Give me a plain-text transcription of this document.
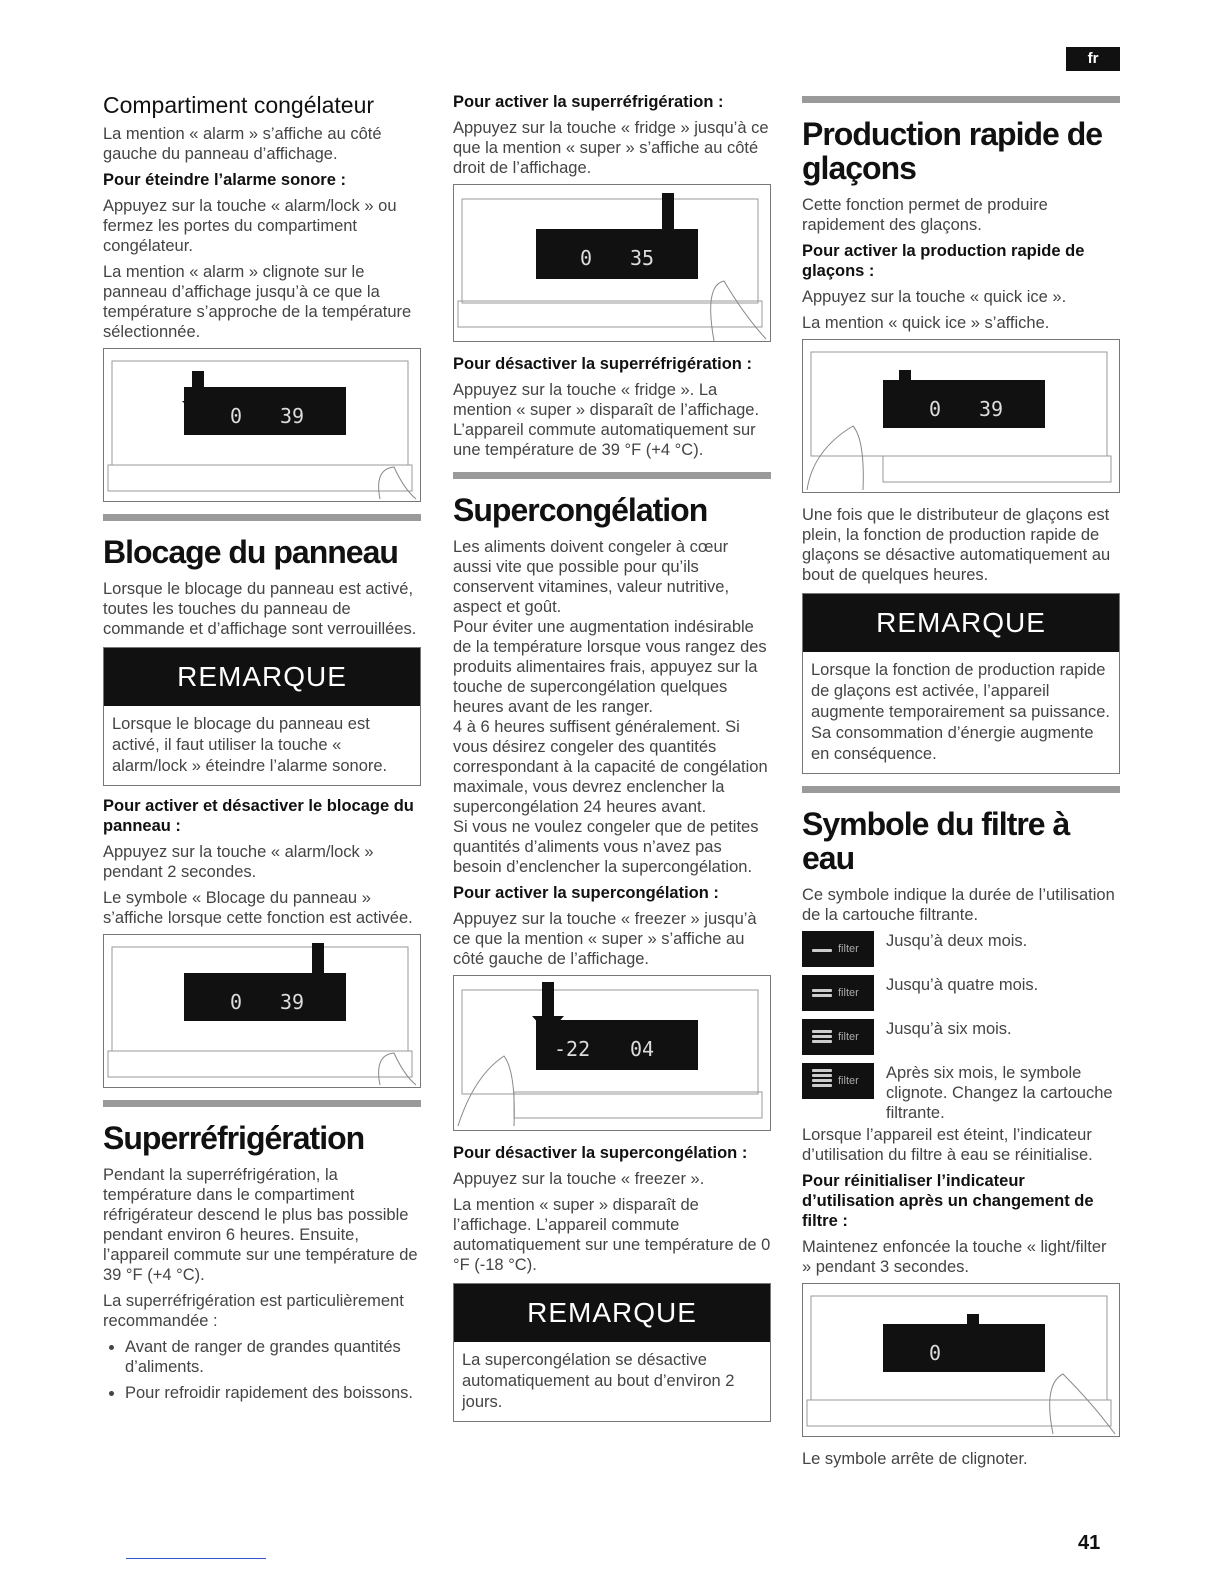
fr
Compartiment congélateur
La mention « alarm » s’affiche au côté gauche du panneau d’affichage.
Pour éteindre l’alarme sonore :
Appuyez sur la touche « alarm/lock » ou fermez les portes du compartiment congélateur.
La mention « alarm » clignote sur le panneau d’affichage jusqu’à ce que la température s’approche de la température sélectionnée.
0 39
Blocage du panneau
Lorsque le blocage du panneau est activé, toutes les touches du panneau de commande et d’affichage sont verrouillées.
REMARQUE
Lorsque le blocage du panneau est activé, il faut utiliser la touche « alarm/lock » éteindre l’alarme sonore.
Pour activer et désactiver le blocage du panneau :
Appuyez sur la touche « alarm/lock » pendant 2 secondes.
Le symbole « Blocage du panneau » s’affiche lorsque cette fonction est activée.
0 39
Superréfrigération
Pendant la superréfrigération, la température dans le compartiment réfrigérateur descend le plus bas possible pendant environ 6 heures. Ensuite, l’appareil commute sur une température de 39 °F (+4 °C).
La superréfrigération est particulièrement recommandée :
• Avant de ranger de grandes quantités d’aliments.
• Pour refroidir rapidement des boissons.
Pour activer la superréfrigération :
Appuyez sur la touche « fridge » jusqu’à ce que la mention « super » s’affiche au côté droit de l’affichage.
0 35
Pour désactiver la superréfrigération :
Appuyez sur la touche « fridge ». La mention « super » disparaît de l’affichage. L’appareil commute automatiquement sur une température de 39 °F (+4 °C).
Supercongélation
Les aliments doivent congeler à cœur aussi vite que possible pour qu’ils conservent vitamines, valeur nutritive, aspect et goût.
Pour éviter une augmentation indésirable de la température lorsque vous rangez des produits alimentaires frais, appuyez sur la touche de supercongélation quelques heures avant de les ranger.
4 à 6 heures suffisent généralement. Si vous désirez congeler des quantités correspondant à la capacité de congélation maximale, vous devrez enclencher la supercongélation 24 heures avant.
Si vous ne voulez congeler que de petites quantités d’aliments vous n’avez pas besoin d’enclencher la supercongélation.
Pour activer la supercongélation :
Appuyez sur la touche « freezer » jusqu’à ce que la mention « super » s’affiche au côté gauche de l’affichage.
-22 04
Pour désactiver la supercongélation :
Appuyez sur la touche « freezer ».
La mention « super » disparaît de l’affichage. L’appareil commute automatiquement sur une température de 0 °F (-18 °C).
REMARQUE
La supercongélation se désactive automatiquement au bout d’environ 2 jours.
Production rapide de glaçons
Cette fonction permet de produire rapidement des glaçons.
Pour activer la production rapide de glaçons :
Appuyez sur la touche « quick ice ».
La mention « quick ice » s’affiche.
0 39
Une fois que le distributeur de glaçons est plein, la fonction de production rapide de glaçons se désactive automatiquement au bout de quelques heures.
REMARQUE
Lorsque la fonction de production rapide de glaçons est activée, l’appareil augmente temporairement sa puissance. Sa consommation d’énergie augmente en conséquence.
Symbole du filtre à eau
Ce symbole indique la durée de l’utilisation de la cartouche filtrante.
filter Jusqu’à deux mois.
filter Jusqu’à quatre mois.
filter Jusqu’à six mois.
filter Après six mois, le symbole clignote. Changez la cartouche filtrante.
Lorsque l’appareil est éteint, l’indicateur d’utilisation du filtre à eau se réinitialise.
Pour réinitialiser l’indicateur d’utilisation après un changement de filtre :
Maintenez enfoncée la touche « light/filter » pendant 3 secondes.
0
Le symbole arrête de clignoter.
41
